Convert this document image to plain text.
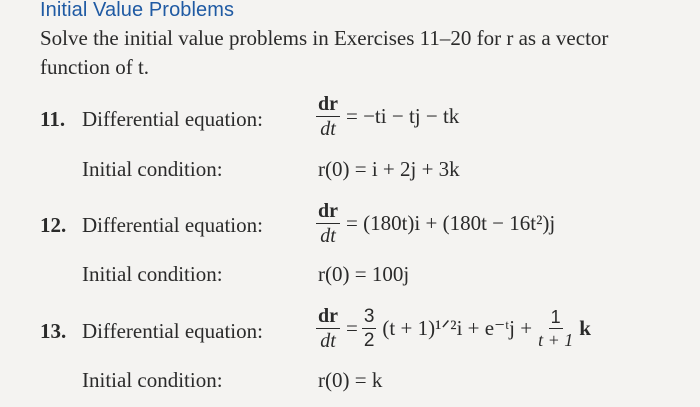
Initial Value Problems
Solve the initial value problems in Exercises 11–20 for r as a vector function of t.
11. Differential equation:	$\frac{dr}{dt} = -ti$ − tj − tk
Initial condition:	r(0) = i + 2j + 3k
12. Differential equation:	$\frac{dr}{dt} = (180t)i + (180t - 16t^2)j$
Initial condition:	r(0) = 100j
13. Differential equation:	$\frac{dr}{dt} = \frac{3}{2} (t$ + 1)¹ᐟ²i + e⁻ᵗj + $\frac{1}{t + 1}$ k
Initial condition:	r(0) = k
